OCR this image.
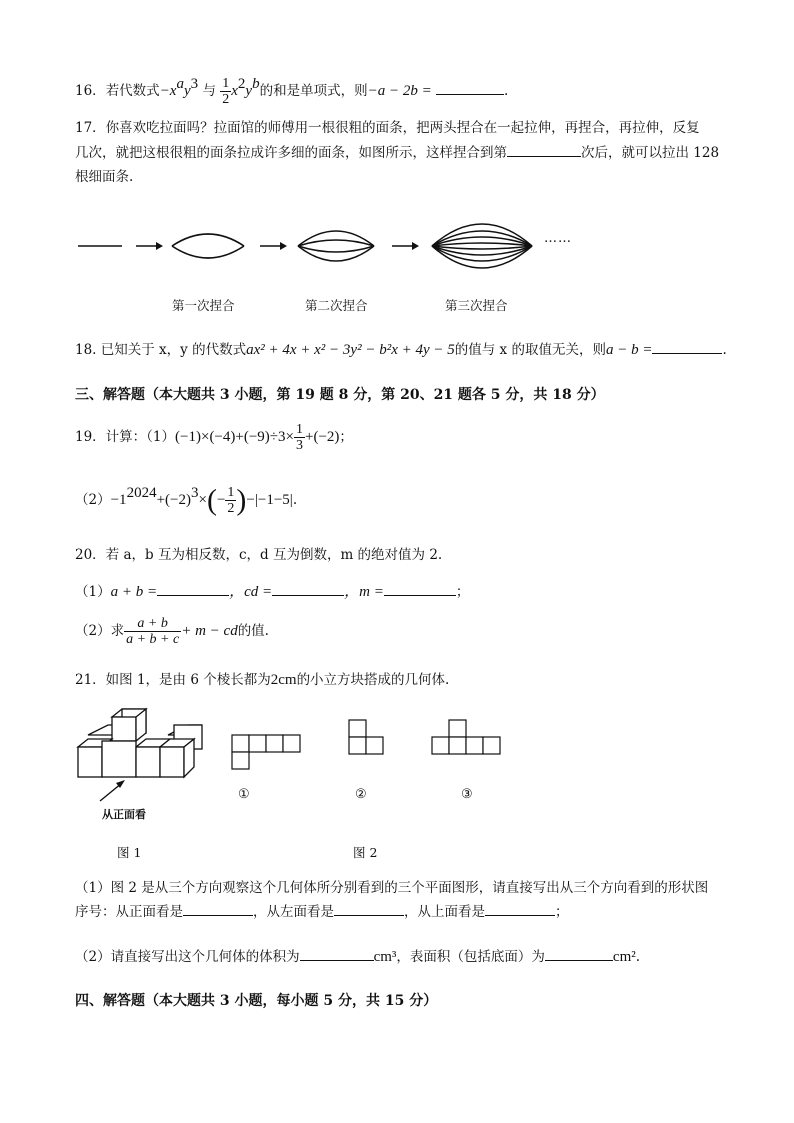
16．若代数式$-x^ay^3$ 与 $\frac{1}{2} x^2y^b$的和是单项式，则−a − 2b =	.
17．你喜欢吃拉面吗？拉面馆的师傅用一根很粗的面条，把两头捏合在一起拉伸，再捏合，再拉伸，反复
几次，就把这根很粗的面条拉成许多细的面条，如图所示，这样捏合到第	次后，就可以拉出 128
根细面条.
……
第一次捏合	第二次捏合	第三次捏合
18. 已知关于 x，y 的代数式ax² + 4x + x² − 3y² − b²x + 4y − 5的值与 x 的取值无关，则a − b =	.
三、解答题（本大题共 3 小题，第 19 题 8 分，第 20、21 题各 5 分，共 18 分）
19．计算：$(1)(-1)\times(-4)+(-9)\div 3\times \frac{1}{3} +(-2)$；
$(2)-1^{2024}+(-2)^3\times(- \frac{1}{2} )-|-1-5|$.
20．若 a，b 互为相反数，c，d 互为倒数，m 的绝对值为 2.
（1）a + b =	，cd =	，m =	；
（2）求 $\frac{a + b}{a + b + c} + m$ − cd的值.
21．如图 1，是由 6 个棱长都为2cm的小立方块搭成的几何体.
从正面看
①	②	③
图 1	图 2
（1）图 2 是从三个方向观察这个几何体所分别看到的三个平面图形，请直接写出从三个方向看到的形状图
序号：从正面看是	，从左面看是	，从上面看是	；
（2）请直接写出这个几何体的体积为	cm³，表面积（包括底面）为	cm².
四、解答题（本大题共 3 小题，每小题 5 分，共 15 分）
